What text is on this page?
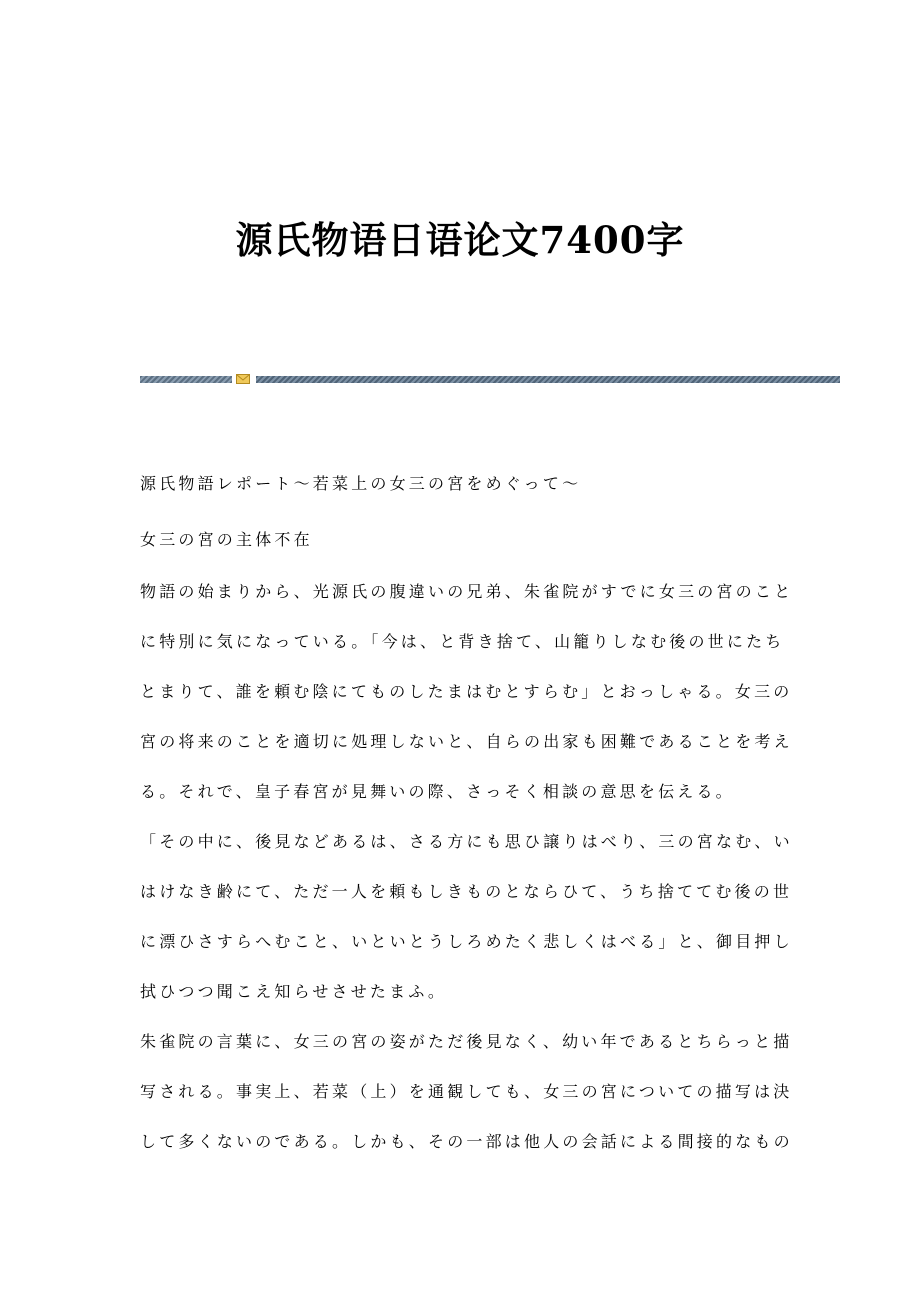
源氏物语日语论文7400字

源氏物語レポート～若菜上の女三の宮をめぐって～

女三の宮の主体不在

物語の始まりから、光源氏の腹違いの兄弟、朱雀院がすでに女三の宮のこと
に特別に気になっている。「今は、と背き捨て、山籠りしなむ後の世にたち
とまりて、誰を頼む陰にてものしたまはむとすらむ」とおっしゃる。女三の
宮の将来のことを適切に処理しないと、自らの出家も困難であることを考え
る。それで、皇子春宮が見舞いの際、さっそく相談の意思を伝える。
「その中に、後見などあるは、さる方にも思ひ譲りはべり、三の宮なむ、い
はけなき齢にて、ただ一人を頼もしきものとならひて、うち捨ててむ後の世
に漂ひさすらへむこと、いといとうしろめたく悲しくはべる」と、御目押し
拭ひつつ聞こえ知らせさせたまふ。
朱雀院の言葉に、女三の宮の姿がただ後見なく、幼い年であるとちらっと描
写される。事実上、若菜（上）を通観しても、女三の宮についての描写は決
して多くないのである。しかも、その一部は他人の会話による間接的なもの
